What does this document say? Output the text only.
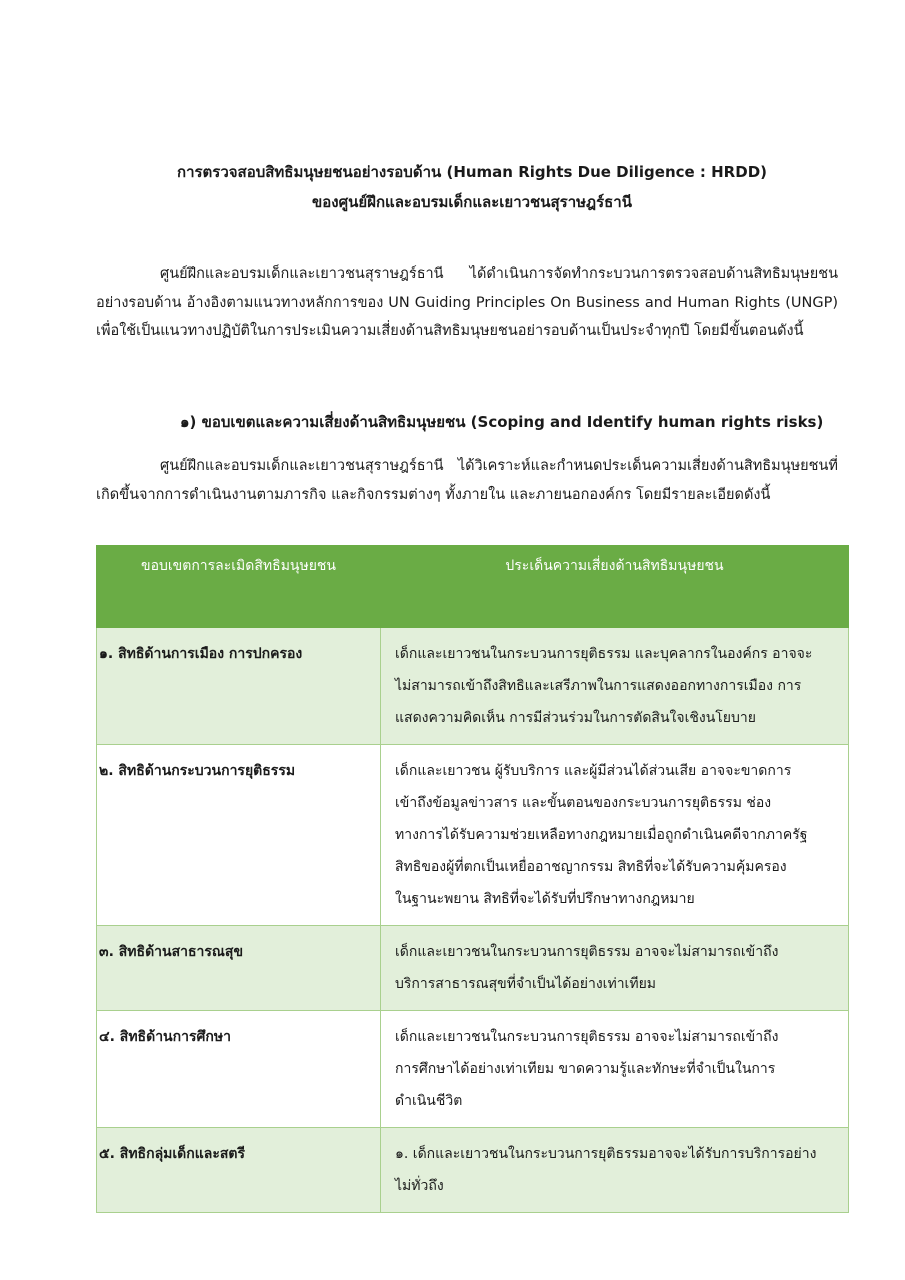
การตรวจสอบสิทธิมนุษยชนอย่างรอบด้าน (Human Rights Due Diligence : HRDD)
ของศูนย์ฝึกและอบรมเด็กและเยาวชนสุราษฎร์ธานี
ศูนย์ฝึกและอบรมเด็กและเยาวชนสุราษฎร์ธานี ได้ดำเนินการจัดทำกระบวนการตรวจสอบด้านสิทธิมนุษยชนอย่างรอบด้าน อ้างอิงตามแนวทางหลักการของ UN Guiding Principles On Business and Human Rights (UNGP) เพื่อใช้เป็นแนวทางปฏิบัติในการประเมินความเสี่ยงด้านสิทธิมนุษยชนอย่ารอบด้านเป็นประจำทุกปี โดยมีขั้นตอนดังนี้
๑) ขอบเขตและความเสี่ยงด้านสิทธิมนุษยชน (Scoping and Identify human rights risks)
ศูนย์ฝึกและอบรมเด็กและเยาวชนสุราษฎร์ธานี ได้วิเคราะห์และกำหนดประเด็นความเสี่ยงด้านสิทธิมนุษยชนที่เกิดขึ้นจากการดำเนินงานตามภารกิจ และกิจกรรมต่างๆ ทั้งภายใน และภายนอกองค์กร โดยมีรายละเอียดดังนี้
ขอบเขตการละเมิดสิทธิมนุษยชน	ประเด็นความเสี่ยงด้านสิทธิมนุษยชน
๑. สิทธิด้านการเมือง การปกครอง	เด็กและเยาวชนในกระบวนการยุติธรรม และบุคลากรในองค์กร อาจจะ
ไม่สามารถเข้าถึงสิทธิและเสรีภาพในการแสดงออกทางการเมือง การ
แสดงความคิดเห็น การมีส่วนร่วมในการตัดสินใจเชิงนโยบาย

๒. สิทธิด้านกระบวนการยุติธรรม	เด็กและเยาวชน ผู้รับบริการ และผู้มีส่วนได้ส่วนเสีย อาจจะขาดการ
เข้าถึงข้อมูลข่าวสาร และขั้นตอนของกระบวนการยุติธรรม ช่อง
ทางการได้รับความช่วยเหลือทางกฎหมายเมื่อถูกดำเนินคดีจากภาครัฐ
สิทธิของผู้ที่ตกเป็นเหยื่ออาชญากรรม สิทธิที่จะได้รับความคุ้มครอง
ในฐานะพยาน สิทธิที่จะได้รับที่ปรึกษาทางกฎหมาย

๓. สิทธิด้านสาธารณสุข	เด็กและเยาวชนในกระบวนการยุติธรรม อาจจะไม่สามารถเข้าถึง
บริการสาธารณสุขที่จำเป็นได้อย่างเท่าเทียม

๔. สิทธิด้านการศึกษา	เด็กและเยาวชนในกระบวนการยุติธรรม อาจจะไม่สามารถเข้าถึง
การศึกษาได้อย่างเท่าเทียม ขาดความรู้และทักษะที่จำเป็นในการ
ดำเนินชีวิต

๕. สิทธิกลุ่มเด็กและสตรี	๑. เด็กและเยาวชนในกระบวนการยุติธรรมอาจจะได้รับการบริการอย่าง
ไม่ทั่วถึง
